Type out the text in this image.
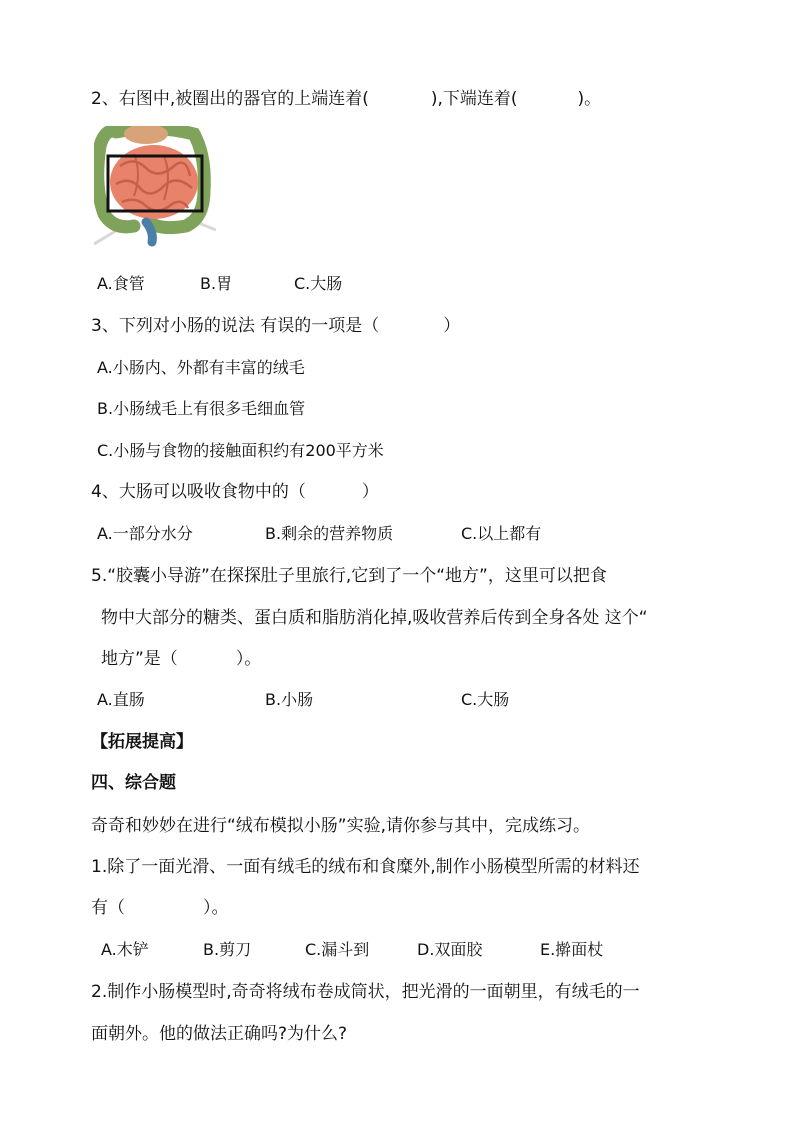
2、右图中,被圈出的器官的上端连着(	),下端连着(	)。
A.食管	B.胃	C.大肠
3、下列对小肠的说法 有误的一项是（	）
A.小肠内、外都有丰富的绒毛
B.小肠绒毛上有很多毛细血管
C.小肠与食物的接触面积约有200平方米
4、大肠可以吸收食物中的（	）
A.一部分水分	B.剩余的营养物质	C.以上都有
5.“胶囊小导游”在探探肚子里旅行,它到了一个“地方”，这里可以把食
物中大部分的糖类、蛋白质和脂肪消化掉,吸收营养后传到全身各处 这个“
地方”是（	）。
A.直肠	B.小肠	C.大肠
【拓展提高】
四、综合题
奇奇和妙妙在进行“绒布模拟小肠”实验,请你参与其中，完成练习。
1.除了一面光滑、一面有绒毛的绒布和食糜外,制作小肠模型所需的材料还
有（	）。
A.木铲	B.剪刀	C.漏斗到	D.双面胶	E.擀面杖
2.制作小肠模型时,奇奇将绒布卷成筒状，把光滑的一面朝里，有绒毛的一
面朝外。他的做法正确吗?为什么?
